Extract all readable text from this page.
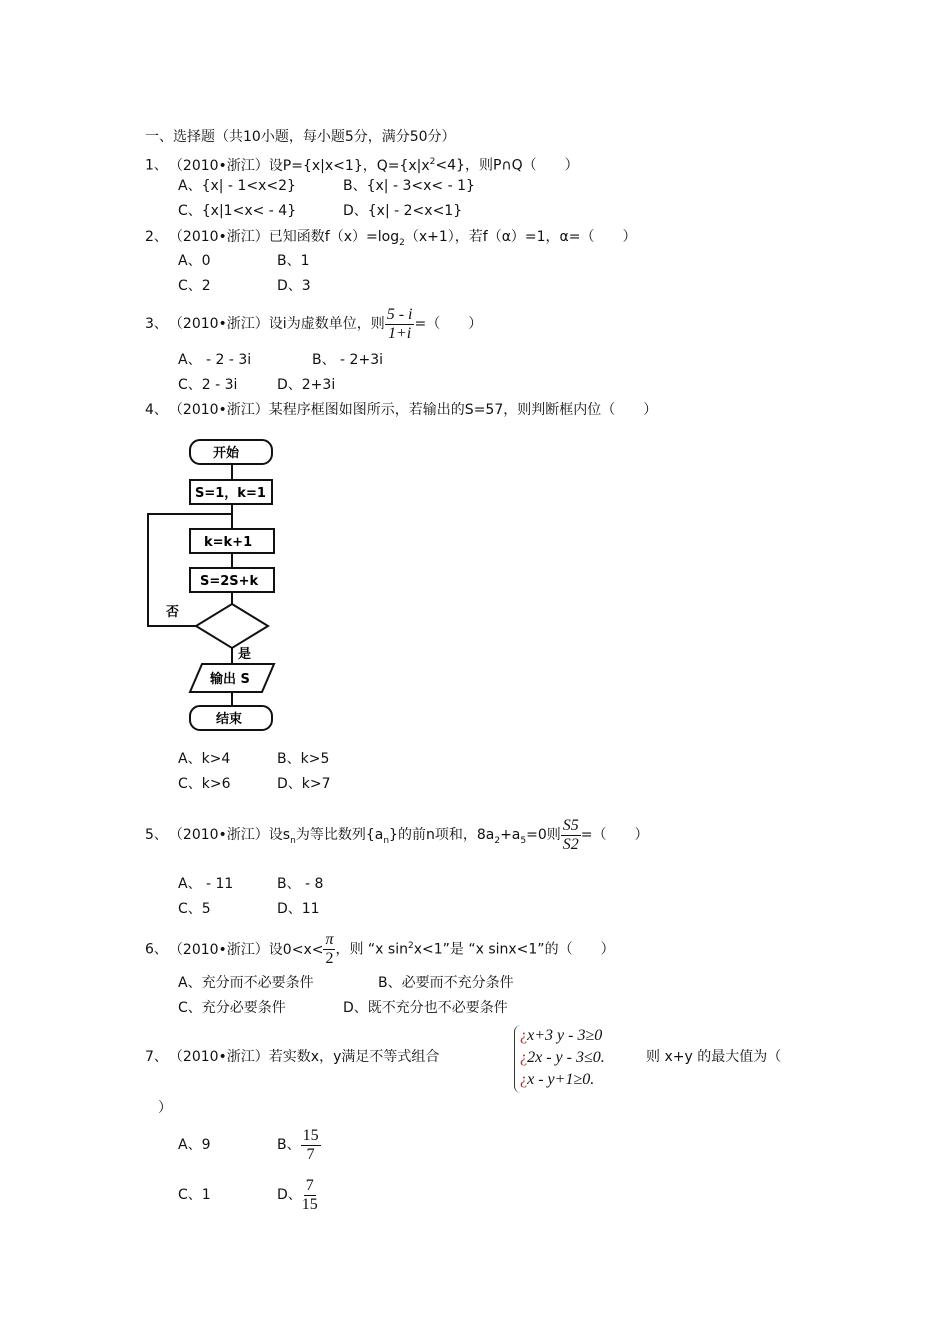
一、选择题（共10小题，每小题5分，满分50分）
1、 （2010•浙江）设P={x|x<1}，$Q=\{x|x^2<4\}$，则P∩Q（　　）
A、{x| - 1<x<2}	B、{x| - 3<x< - 1}
C、{x|1<x< - 4}	D、{x| - 2<x<1}
2、 （2010•浙江）已知函数$f(x)=\log_2(x+1)$，若f（α）=1，α=（　　）
A、0	B、1
C、2	D、3
3、 （2010•浙江）设i为虚数单位，则 $\frac{5 - i}{1+i}$ =（　　）
A、 - 2 - 3i	B、 - 2+3i
C、2 - 3i	D、2+3i
4、 （2010•浙江）某程序框图如图所示，若输出的S=57，则判断框内位（　　）
开始
S=1，k=1
k=k+1
S=2S+k
否
是
输出 S
结束
A、k>4	B、k>5
C、k>6	D、k>7
5、 （2010•浙江）设$s_n$为等比数列$\{a_n\}$的前n项和，$8a_2+a_5=0$则 $\frac{S5}{S2}$ =（　　）
A、 - 11	B、 - 8
C、5	D、11
6、 （2010•浙江）设$0<x< \frac{\pi}{2}$ ，则 “x $\sin^2x<1$”是 “x sinx<1”的（　　）
A、充分而不必要条件	B、必要而不充分条件
C、充分必要条件	D、既不充分也不必要条件
7、 （2010•浙江）若实数x，y满足不等式组合
¿x+3 y - 3≥0
¿2x - y - 3≤0.
¿x - y+1≥0.
则 x+y 的最大值为（
）
A、9	B、 $\frac{15}{7}$
C、1	D、 $\frac{7}{15}$
